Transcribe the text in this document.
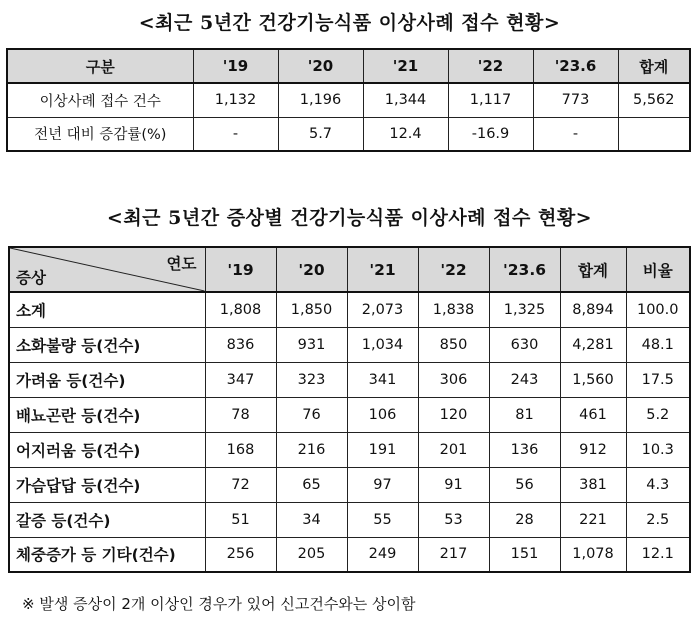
<최근 5년간 건강기능식품 이상사례 접수 현황>
구분	'19	'20	'21	'22	'23.6	합계
이상사례 접수 건수	1,132	1,196	1,344	1,117	773	5,562
전년 대비 증감률(%)	-	5.7	12.4	-16.9	-	
<최근 5년간 증상별 건강기능식품 이상사례 접수 현황>
연도
증상	'19	'20	'21	'22	'23.6	합계	비율
소계	1,808	1,850	2,073	1,838	1,325	8,894	100.0
소화불량 등(건수)	836	931	1,034	850	630	4,281	48.1
가려움 등(건수)	347	323	341	306	243	1,560	17.5
배뇨곤란 등(건수)	78	76	106	120	81	461	5.2
어지러움 등(건수)	168	216	191	201	136	912	10.3
가슴답답 등(건수)	72	65	97	91	56	381	4.3
갈증 등(건수)	51	34	55	53	28	221	2.5
체중증가 등 기타(건수)	256	205	249	217	151	1,078	12.1
※ 발생 증상이 2개 이상인 경우가 있어 신고건수와는 상이함
